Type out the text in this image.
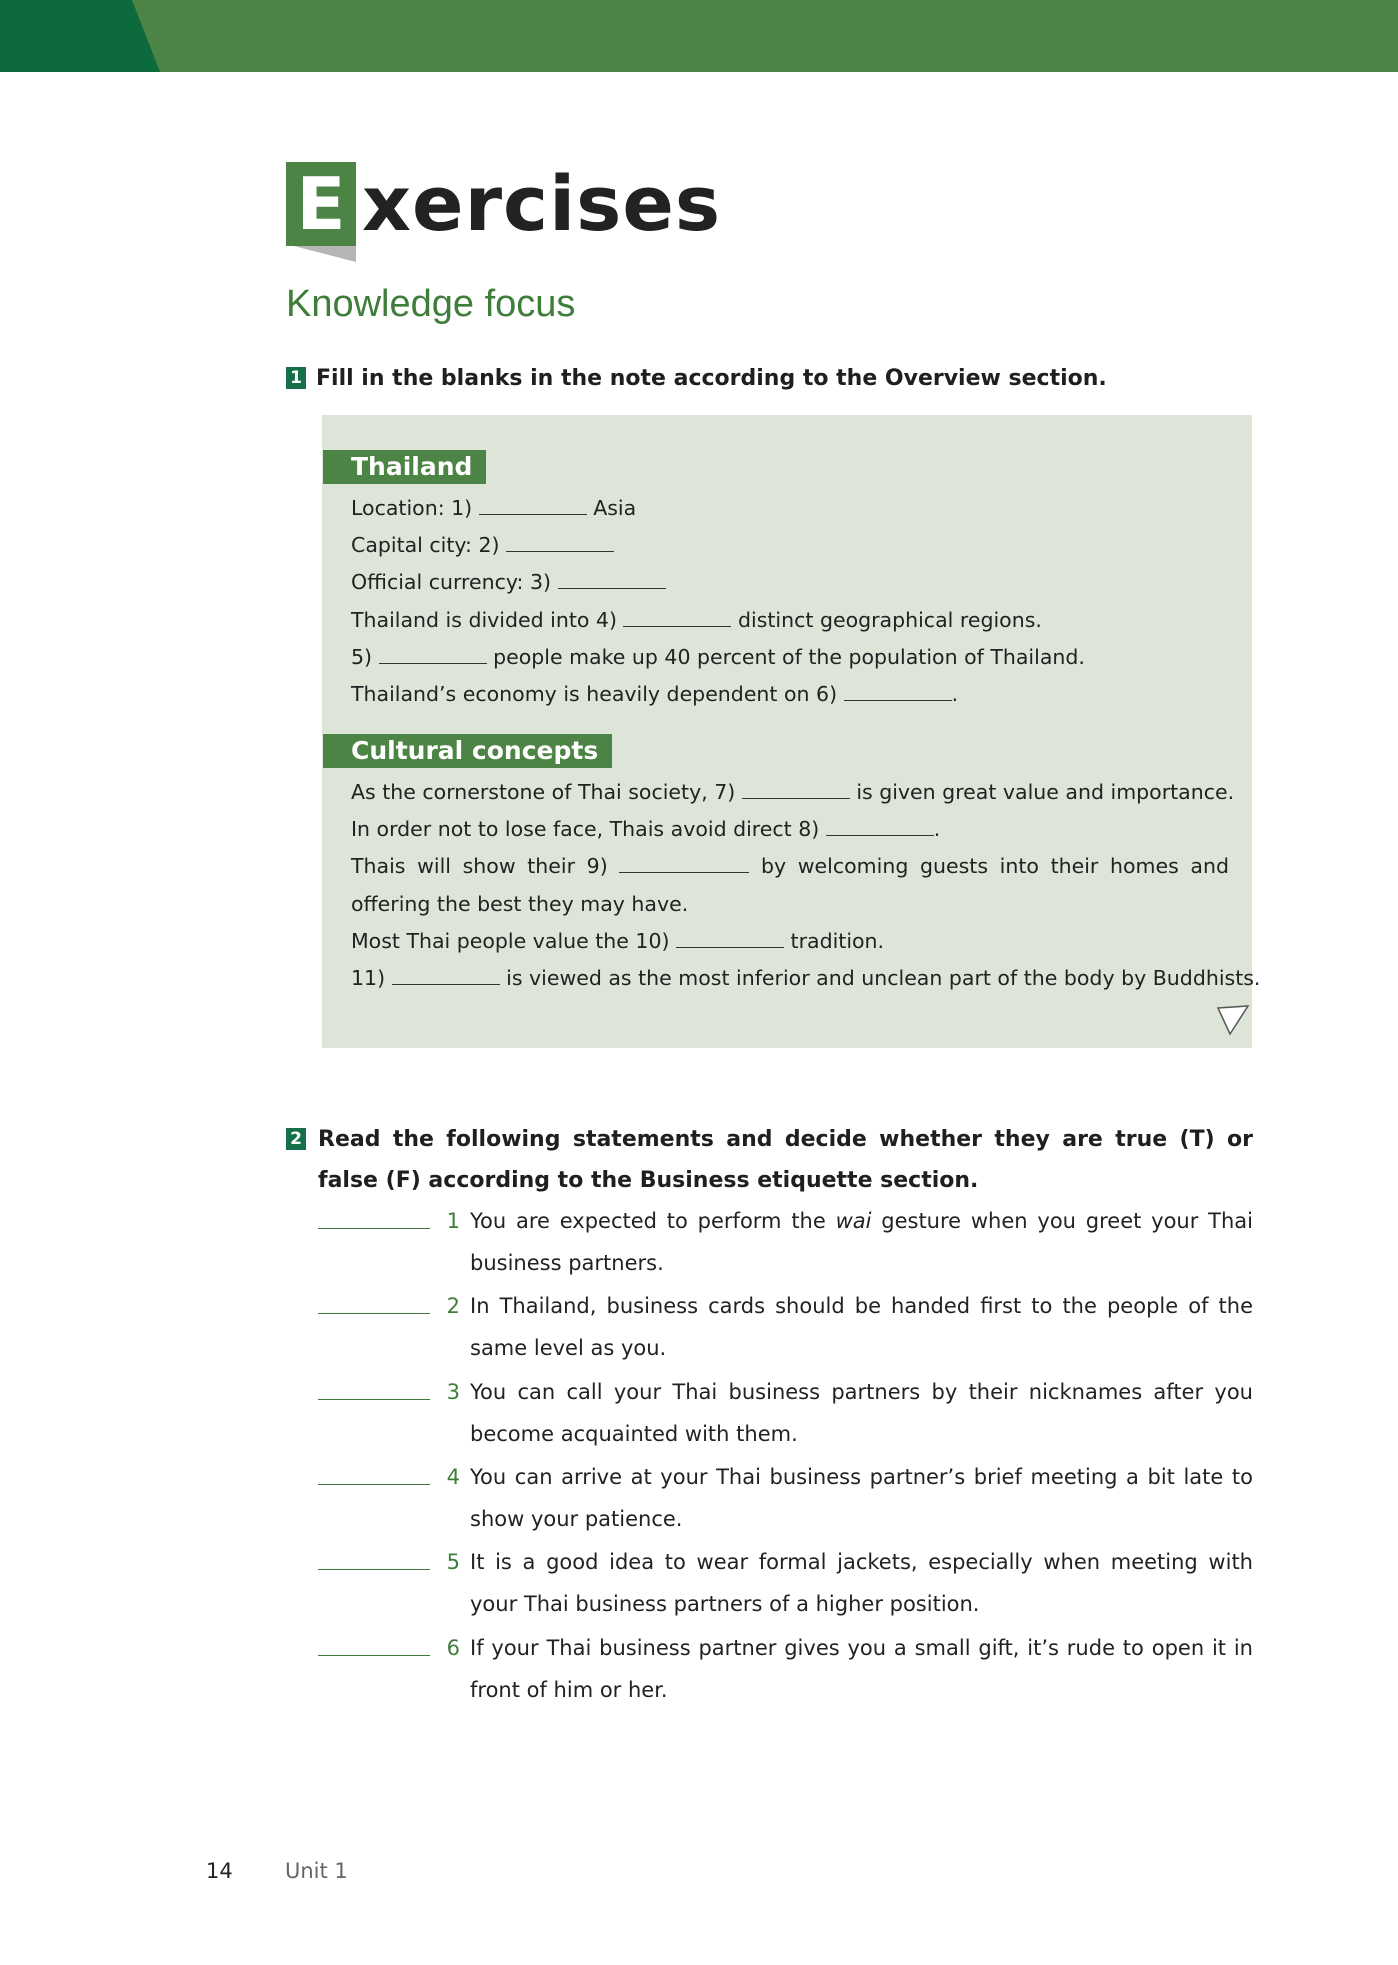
E xercises
Knowledge focus
1 Fill in the blanks in the note according to the Overview section.
Thailand
Location: 1)	Asia
Capital city: 2)
Official currency: 3)
Thailand is divided into 4)	distinct geographical regions.
5)	people make up 40 percent of the population of Thailand.
Thailand’s economy is heavily dependent on 6)	.
Cultural concepts
As the cornerstone of Thai society, 7)	is given great value and importance.
In order not to lose face, Thais avoid direct 8)	.
Thais will show their 9)	by welcoming guests into their homes and
offering the best they may have.
Most Thai people value the 10)	tradition.
11)	is viewed as the most inferior and unclean part of the body by Buddhists.
2 Read the following statements and decide whether they are true (T) or false (F) according to the Business etiquette section.
1 You are expected to perform the wai gesture when you greet your Thai business partners.
2 In Thailand, business cards should be handed first to the people of the same level as you.
3 You can call your Thai business partners by their nicknames after you become acquainted with them.
4 You can arrive at your Thai business partner’s brief meeting a bit late to show your patience.
5 It is a good idea to wear formal jackets, especially when meeting with your Thai business partners of a higher position.
6 If your Thai business partner gives you a small gift, it’s rude to open it in front of him or her.
14 Unit 1
